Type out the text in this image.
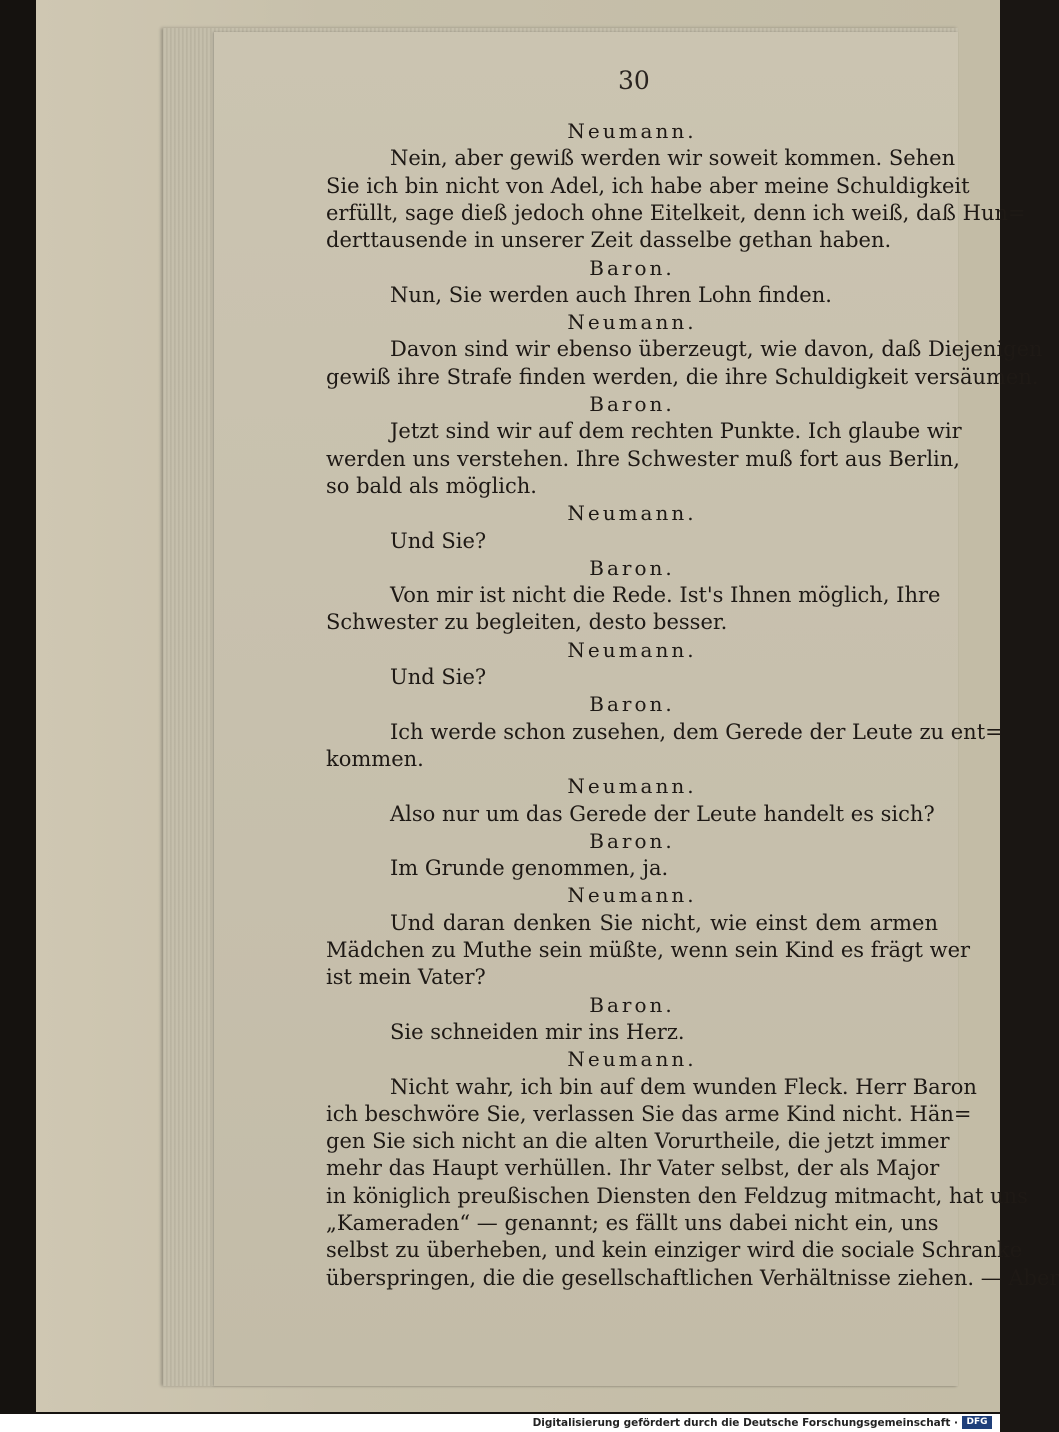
30
Neumann.
Nein, aber gewiß werden wir soweit kommen. Sehen
Sie ich bin nicht von Adel, ich habe aber meine Schuldigkeit
erfüllt, sage dieß jedoch ohne Eitelkeit, denn ich weiß, daß Hun=
derttausende in unserer Zeit dasselbe gethan haben.
Baron.
Nun, Sie werden auch Ihren Lohn finden.
Neumann.
Davon sind wir ebenso überzeugt, wie davon, daß Diejenigen
gewiß ihre Strafe finden werden, die ihre Schuldigkeit versäumen.
Baron.
Jetzt sind wir auf dem rechten Punkte. Ich glaube wir
werden uns verstehen. Ihre Schwester muß fort aus Berlin,
so bald als möglich.
Neumann.
Und Sie?
Baron.
Von mir ist nicht die Rede. Ist's Ihnen möglich, Ihre
Schwester zu begleiten, desto besser.
Neumann.
Und Sie?
Baron.
Ich werde schon zusehen, dem Gerede der Leute zu ent=
kommen.
Neumann.
Also nur um das Gerede der Leute handelt es sich?
Baron.
Im Grunde genommen, ja.
Neumann.
Und daran denken Sie nicht, wie einst dem armen
Mädchen zu Muthe sein müßte, wenn sein Kind es frägt wer
ist mein Vater?
Baron.
Sie schneiden mir ins Herz.
Neumann.
Nicht wahr, ich bin auf dem wunden Fleck. Herr Baron
ich beschwöre Sie, verlassen Sie das arme Kind nicht. Hän=
gen Sie sich nicht an die alten Vorurtheile, die jetzt immer
mehr das Haupt verhüllen. Ihr Vater selbst, der als Major
in königlich preußischen Diensten den Feldzug mitmacht, hat uns
„Kameraden“ — genannt; es fällt uns dabei nicht ein, uns
selbst zu überheben, und kein einziger wird die sociale Schranke
überspringen, die die gesellschaftlichen Verhältnisse ziehen. — Aber
Digitalisierung gefördert durch die Deutsche Forschungsgemeinschaft · DFG
